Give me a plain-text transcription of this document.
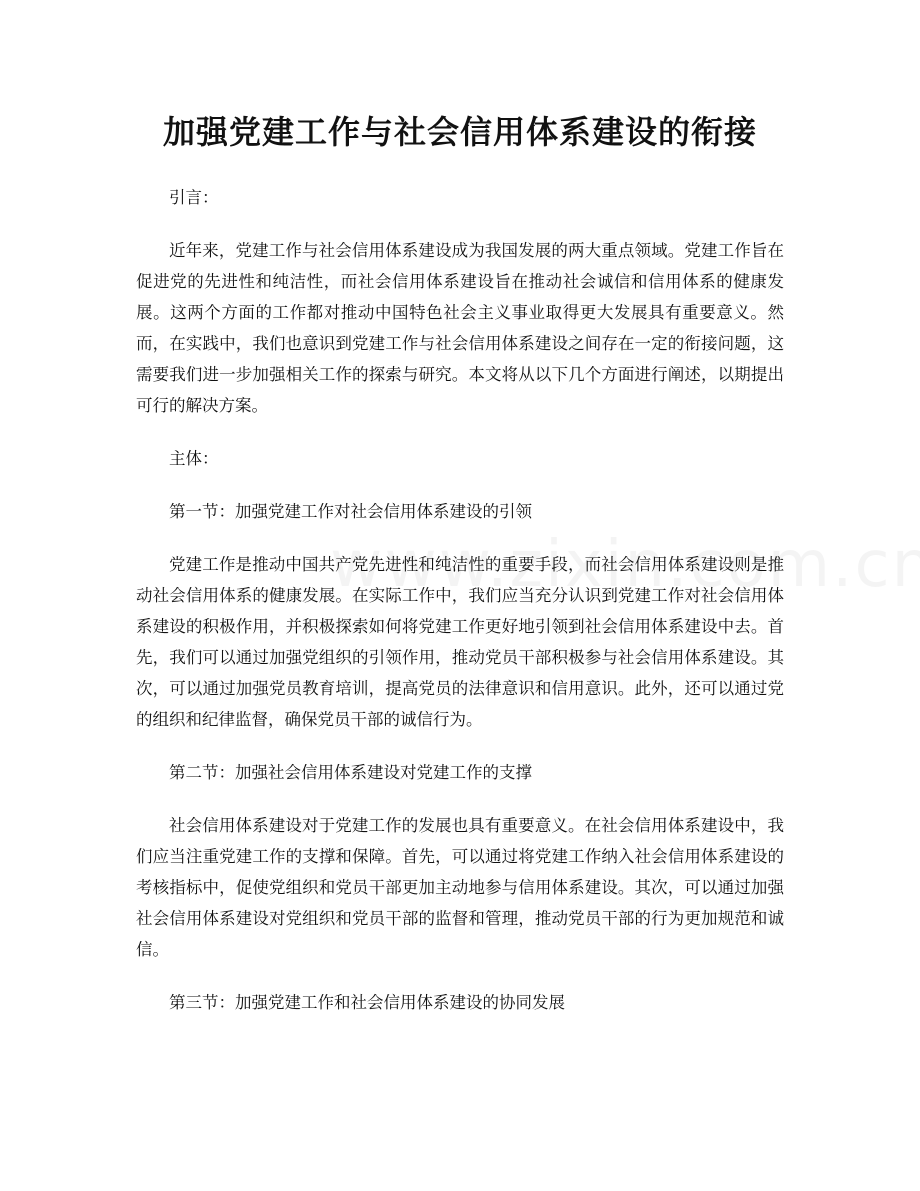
加强党建工作与社会信用体系建设的衔接

引言：

近年来，党建工作与社会信用体系建设成为我国发展的两大重点领域。党建工作旨在促进党的先进性和纯洁性，而社会信用体系建设旨在推动社会诚信和信用体系的健康发展。这两个方面的工作都对推动中国特色社会主义事业取得更大发展具有重要意义。然而，在实践中，我们也意识到党建工作与社会信用体系建设之间存在一定的衔接问题，这需要我们进一步加强相关工作的探索与研究。本文将从以下几个方面进行阐述，以期提出可行的解决方案。

主体：

第一节：加强党建工作对社会信用体系建设的引领

党建工作是推动中国共产党先进性和纯洁性的重要手段，而社会信用体系建设则是推动社会信用体系的健康发展。在实际工作中，我们应当充分认识到党建工作对社会信用体系建设的积极作用，并积极探索如何将党建工作更好地引领到社会信用体系建设中去。首先，我们可以通过加强党组织的引领作用，推动党员干部积极参与社会信用体系建设。其次，可以通过加强党员教育培训，提高党员的法律意识和信用意识。此外，还可以通过党的组织和纪律监督，确保党员干部的诚信行为。

第二节：加强社会信用体系建设对党建工作的支撑

社会信用体系建设对于党建工作的发展也具有重要意义。在社会信用体系建设中，我们应当注重党建工作的支撑和保障。首先，可以通过将党建工作纳入社会信用体系建设的考核指标中，促使党组织和党员干部更加主动地参与信用体系建设。其次，可以通过加强社会信用体系建设对党组织和党员干部的监督和管理，推动党员干部的行为更加规范和诚信。

第三节：加强党建工作和社会信用体系建设的协同发展
